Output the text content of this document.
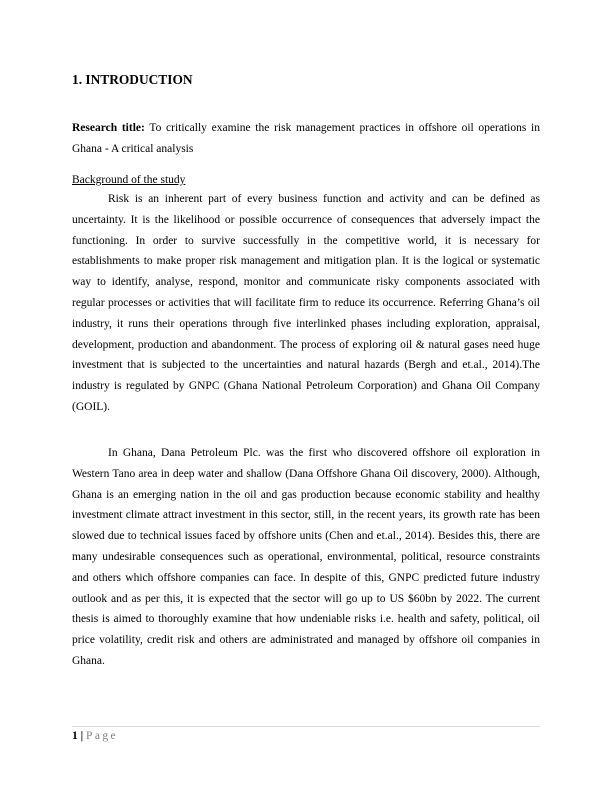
1. INTRODUCTION

Research title: To critically examine the risk management practices in offshore oil operations in Ghana - A critical analysis

Background of the study

Risk is an inherent part of every business function and activity and can be defined as uncertainty. It is the likelihood or possible occurrence of consequences that adversely impact the functioning. In order to survive successfully in the competitive world, it is necessary for establishments to make proper risk management and mitigation plan. It is the logical or systematic way to identify, analyse, respond, monitor and communicate risky components associated with regular processes or activities that will facilitate firm to reduce its occurrence. Referring Ghana’s oil industry, it runs their operations through five interlinked phases including exploration, appraisal, development, production and abandonment. The process of exploring oil & natural gases need huge investment that is subjected to the uncertainties and natural hazards (Bergh and et.al., 2014).The industry is regulated by GNPC (Ghana National Petroleum Corporation) and Ghana Oil Company (GOIL).

In Ghana, Dana Petroleum Plc. was the first who discovered offshore oil exploration in Western Tano area in deep water and shallow (Dana Offshore Ghana Oil discovery, 2000). Although, Ghana is an emerging nation in the oil and gas production because economic stability and healthy investment climate attract investment in this sector, still, in the recent years, its growth rate has been slowed due to technical issues faced by offshore units (Chen and et.al., 2014). Besides this, there are many undesirable consequences such as operational, environmental, political, resource constraints and others which offshore companies can face. In despite of this, GNPC predicted future industry outlook and as per this, it is expected that the sector will go up to US $60bn by 2022. The current thesis is aimed to thoroughly examine that how undeniable risks i.e. health and safety, political, oil price volatility, credit risk and others are administrated and managed by offshore oil companies in Ghana.

1 | Page
